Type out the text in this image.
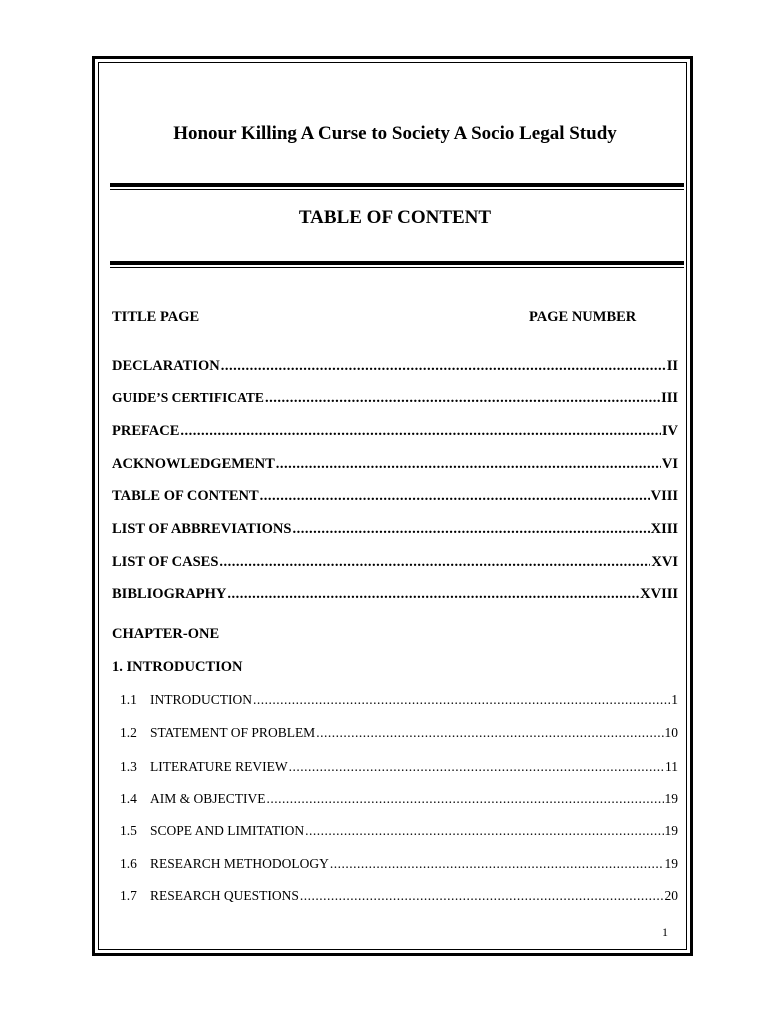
Honour Killing A Curse to Society A Socio Legal Study
TABLE OF CONTENT
TITLE PAGE	PAGE NUMBER
DECLARATION .....	II
GUIDE’S CERTIFICATE .....	III
PREFACE .....	IV
ACKNOWLEDGEMENT .....	VI
TABLE OF CONTENT .....	VIII
LIST OF ABBREVIATIONS .....	XIII
LIST OF CASES .....	XVI
BIBLIOGRAPHY .....	XVIII
CHAPTER-ONE
1. INTRODUCTION
1.1 INTRODUCTION .....	1
1.2 STATEMENT OF PROBLEM .....	10
1.3 LITERATURE REVIEW .....	11
1.4 AIM & OBJECTIVE .....	19
1.5 SCOPE AND LIMITATION .....	19
1.6 RESEARCH METHODOLOGY .....	19
1.7 RESEARCH QUESTIONS .....	20
1
